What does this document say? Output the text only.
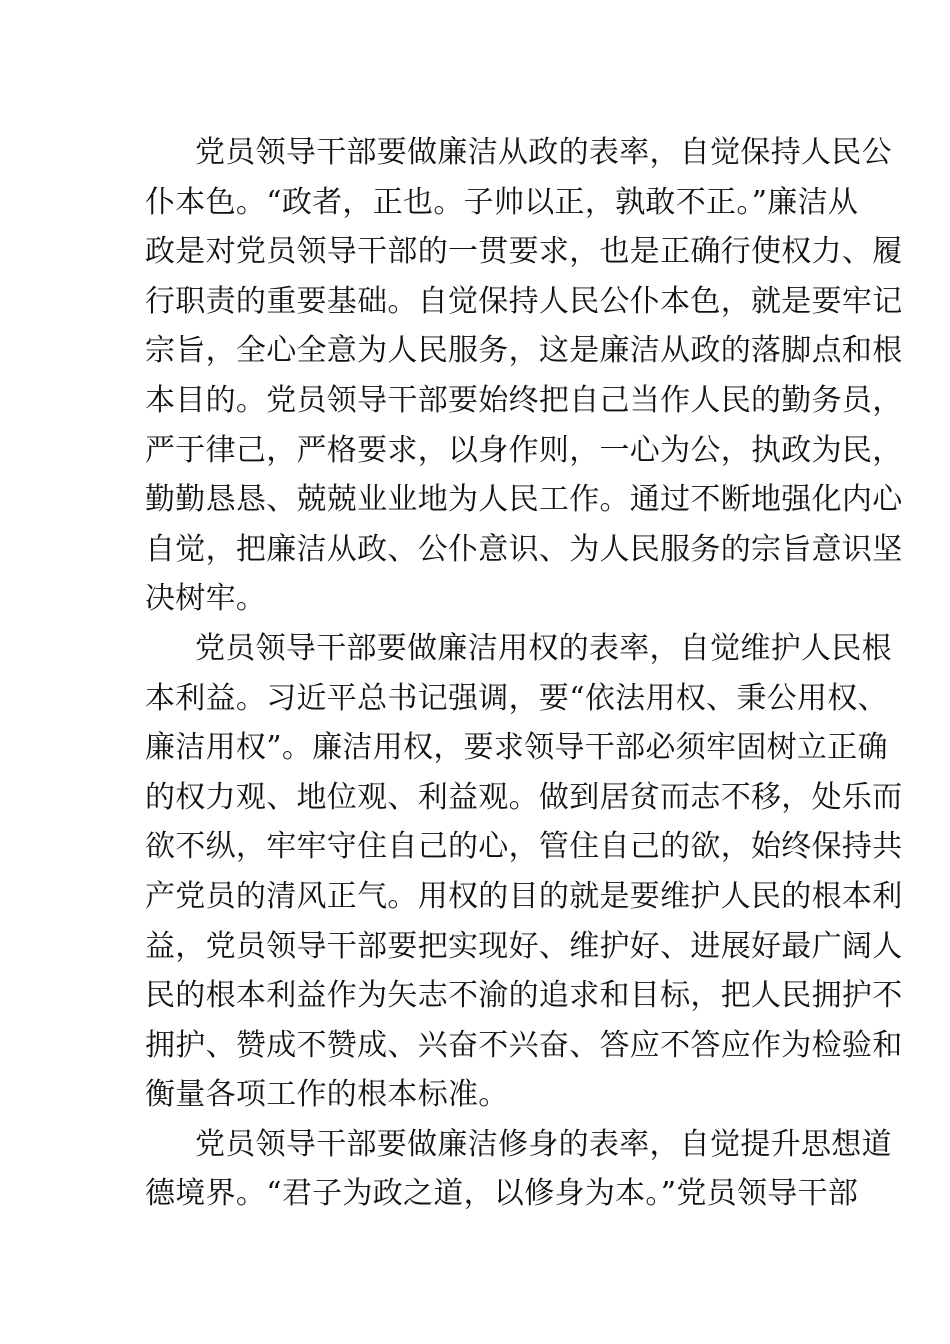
党员领导干部要做廉洁从政的表率，自觉保持人民公
仆本色。“政者，正也。子帅以正，孰敢不正。”廉洁从
政是对党员领导干部的一贯要求，也是正确行使权力、履
行职责的重要基础。自觉保持人民公仆本色，就是要牢记
宗旨，全心全意为人民服务，这是廉洁从政的落脚点和根
本目的。党员领导干部要始终把自己当作人民的勤务员，
严于律己，严格要求，以身作则，一心为公，执政为民，
勤勤恳恳、兢兢业业地为人民工作。通过不断地强化内心
自觉，把廉洁从政、公仆意识、为人民服务的宗旨意识坚
决树牢。
党员领导干部要做廉洁用权的表率，自觉维护人民根
本利益。习近平总书记强调，要“依法用权、秉公用权、
廉洁用权”。廉洁用权，要求领导干部必须牢固树立正确
的权力观、地位观、利益观。做到居贫而志不移，处乐而
欲不纵，牢牢守住自己的心，管住自己的欲，始终保持共
产党员的清风正气。用权的目的就是要维护人民的根本利
益，党员领导干部要把实现好、维护好、进展好最广阔人
民的根本利益作为矢志不渝的追求和目标，把人民拥护不
拥护、赞成不赞成、兴奋不兴奋、答应不答应作为检验和
衡量各项工作的根本标准。
党员领导干部要做廉洁修身的表率，自觉提升思想道
德境界。“君子为政之道，以修身为本。”党员领导干部
